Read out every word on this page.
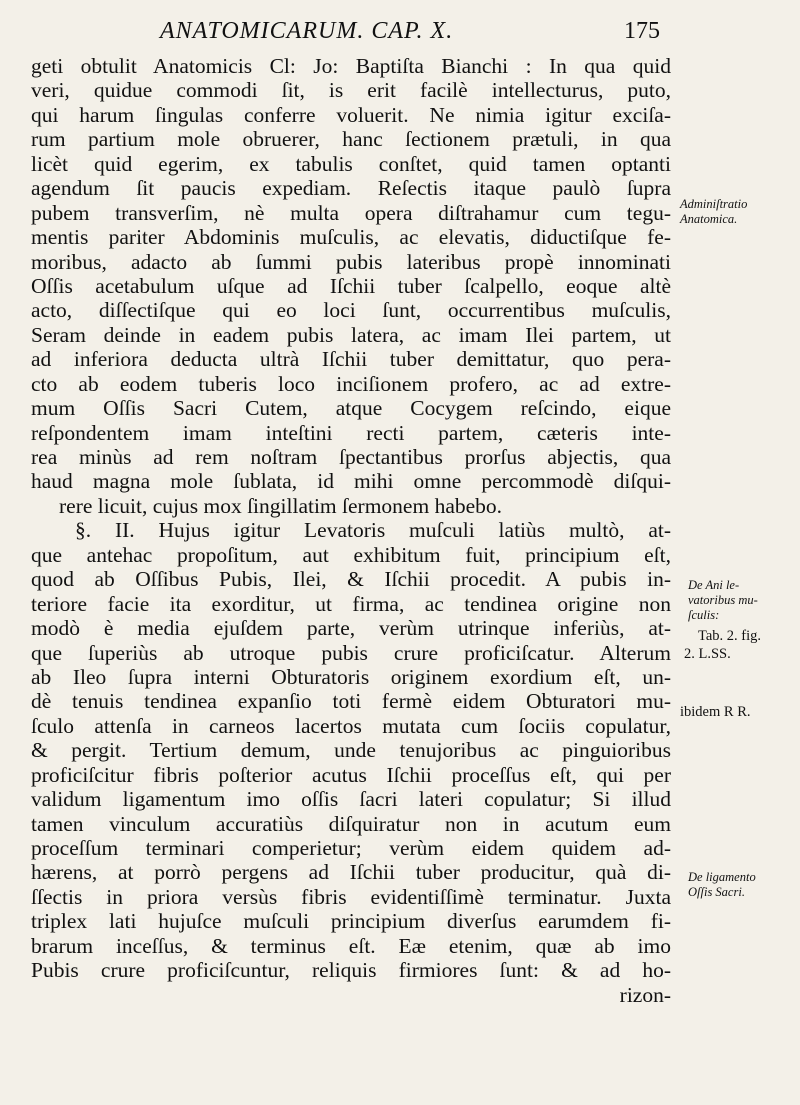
ANATOMICARUM. CAP. X.	175
geti obtulit Anatomicis Cl: Jo: Baptiſta Bianchi : In qua quid
veri, quidue commodi ſit, is erit facilè intellecturus, puto,
qui harum ſingulas conferre voluerit. Ne nimia igitur exciſa-
rum partium mole obruerer, hanc ſectionem prætuli, in qua
licèt quid egerim, ex tabulis conſtet, quid tamen optanti
agendum ſit paucis expediam. Reſectis itaque paulò ſupra
pubem transverſim, nè multa opera diſtrahamur cum tegu-
mentis pariter Abdominis muſculis, ac elevatis, diductiſque fe-
moribus, adacto ab ſummi pubis lateribus propè innominati
Oſſis acetabulum uſque ad Iſchii tuber ſcalpello, eoque altè
acto, diſſectiſque qui eo loci ſunt, occurrentibus muſculis,
Seram deinde in eadem pubis latera, ac imam Ilei partem, ut
ad inferiora deducta ultrà Iſchii tuber demittatur, quo pera-
cto ab eodem tuberis loco inciſionem profero, ac ad extre-
mum Oſſis Sacri Cutem, atque Cocygem reſcindo, eique
reſpondentem imam inteſtini recti partem, cæteris inte-
rea minùs ad rem noſtram ſpectantibus prorſus abjectis, qua
haud magna mole ſublata, id mihi omne percommodè diſqui-
rere licuit, cujus mox ſingillatim ſermonem habebo.
§. II. Hujus igitur Levatoris muſculi latiùs multò, at-
que antehac propoſitum, aut exhibitum fuit, principium eſt,
quod ab Oſſibus Pubis, Ilei, & Iſchii procedit. A pubis in-
teriore facie ita exorditur, ut firma, ac tendinea origine non
modò è media ejuſdem parte, verùm utrinque inferiùs, at-
que ſuperiùs ab utroque pubis crure proficiſcatur. Alterum
ab Ileo ſupra interni Obturatoris originem exordium eſt, un-
dè tenuis tendinea expanſio toti fermè eidem Obturatori mu-
ſculo attenſa in carneos lacertos mutata cum ſociis copulatur,
& pergit. Tertium demum, unde tenujoribus ac pinguioribus
proficiſcitur fibris poſterior acutus Iſchii proceſſus eſt, qui per
validum ligamentum imo oſſis ſacri lateri copulatur; Si illud
tamen vinculum accuratiùs diſquiratur non in acutum eum
proceſſum terminari comperietur; verùm eidem quidem ad-
hærens, at porrò pergens ad Iſchii tuber producitur, quà di-
ſſectis in priora versùs fibris evidentiſſimè terminatur. Juxta
triplex lati hujuſce muſculi principium diverſus earumdem fi-
brarum inceſſus, & terminus eſt. Eæ etenim, quæ ab imo
Pubis crure proficiſcuntur, reliquis firmiores ſunt: & ad ho-
rizon-
Adminiſtratio
Anatomica.
De Ani le-
vatoribus mu-
ſculis:
Tab. 2. fig.
2. L.SS.
ibidem R R.
De ligamento
Oſſis Sacri.
